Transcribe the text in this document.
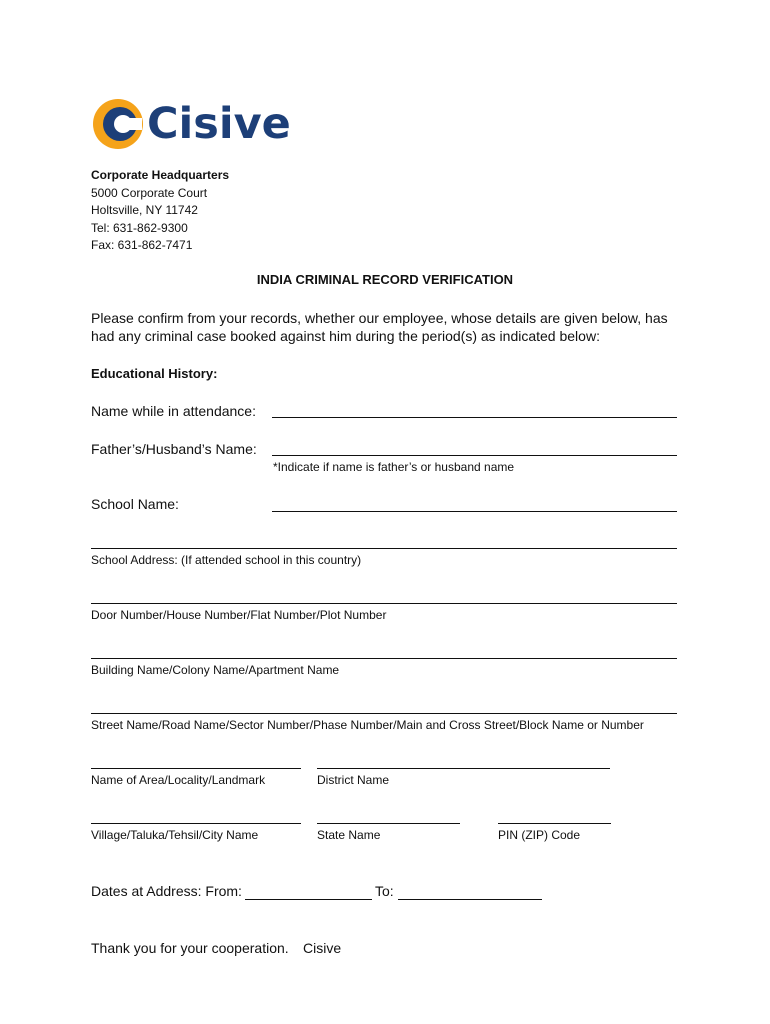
Cisive
Corporate Headquarters
5000 Corporate Court
Holtsville, NY 11742
Tel: 631-862-9300
Fax: 631-862-7471
INDIA CRIMINAL RECORD VERIFICATION
Please confirm from your records, whether our employee, whose details are given below, has
had any criminal case booked against him during the period(s) as indicated below:
Educational History:
Name while in attendance:
Father’s/Husband’s Name:
*Indicate if name is father’s or husband name
School Name:
School Address: (If attended school in this country)
Door Number/House Number/Flat Number/Plot Number
Building Name/Colony Name/Apartment Name
Street Name/Road Name/Sector Number/Phase Number/Main and Cross Street/Block Name or Number
Name of Area/Locality/Landmark	District Name
Village/Taluka/Tehsil/City Name	State Name	PIN (ZIP) Code
Dates at Address: From:	To:
Thank you for your cooperation. Cisive
